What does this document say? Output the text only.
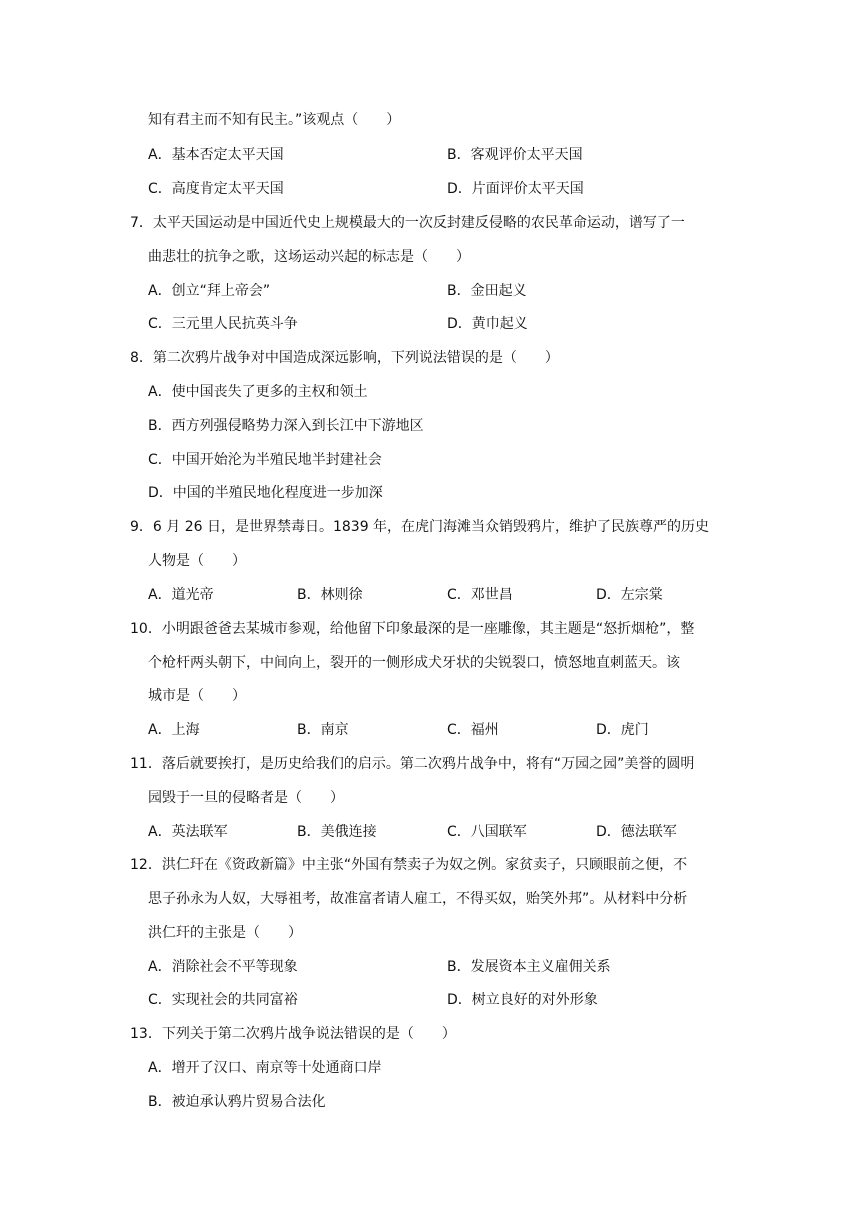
知有君主而不知有民主。”该观点（　　）
A．基本否定太平天国	B．客观评价太平天国
C．高度肯定太平天国	D．片面评价太平天国
7．太平天国运动是中国近代史上规模最大的一次反封建反侵略的农民革命运动，谱写了一
曲悲壮的抗争之歌，这场运动兴起的标志是（　　）
A．创立“拜上帝会”	B．金田起义
C．三元里人民抗英斗争	D．黄巾起义
8．第二次鸦片战争对中国造成深远影响，下列说法错误的是（　　）
A．使中国丧失了更多的主权和领土
B．西方列强侵略势力深入到长江中下游地区
C．中国开始沦为半殖民地半封建社会
D．中国的半殖民地化程度进一步加深
9．6 月 26 日，是世界禁毒日。1839 年，在虎门海滩当众销毁鸦片，维护了民族尊严的历史
人物是（　　）
A．道光帝	B．林则徐	C．邓世昌	D．左宗棠
10．小明跟爸爸去某城市参观，给他留下印象最深的是一座雕像，其主题是“怒折烟枪”，整
个枪杆两头朝下，中间向上，裂开的一侧形成犬牙状的尖锐裂口，愤怒地直刺蓝天。该
城市是（　　）
A．上海	B．南京	C．福州	D．虎门
11．落后就要挨打，是历史给我们的启示。第二次鸦片战争中，将有“万园之园”美誉的圆明
园毁于一旦的侵略者是（　　）
A．英法联军	B．美俄连接	C．八国联军	D．德法联军
12．洪仁玕在《资政新篇》中主张“外国有禁卖子为奴之例。家贫卖子，只顾眼前之便，不
思子孙永为人奴，大辱祖考，故准富者请人雇工，不得买奴，贻笑外邦”。从材料中分析
洪仁玕的主张是（　　）
A．消除社会不平等现象	B．发展资本主义雇佣关系
C．实现社会的共同富裕	D．树立良好的对外形象
13．下列关于第二次鸦片战争说法错误的是（　　）
A．增开了汉口、南京等十处通商口岸
B．被迫承认鸦片贸易合法化
